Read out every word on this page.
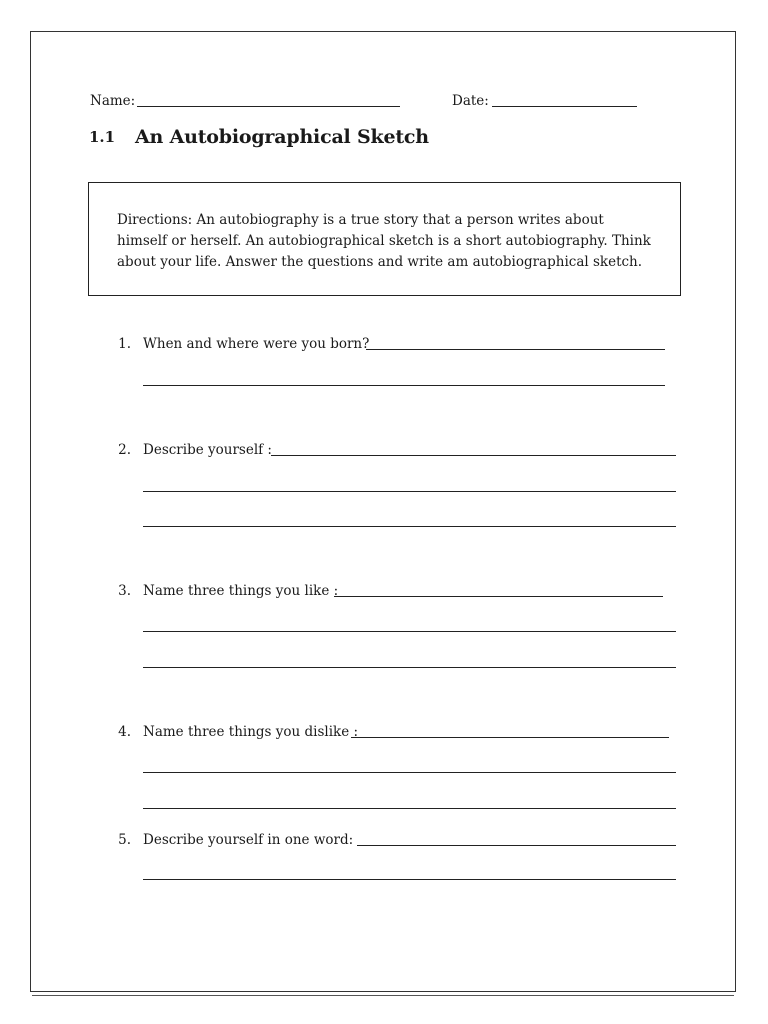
Name:	Date:
1.1 An Autobiographical Sketch
Directions: An autobiography is a true story that a person writes about himself or herself. An autobiographical sketch is a short autobiography. Think about your life. Answer the questions and write am autobiographical sketch.
1. When and where were you born?
2. Describe yourself :
3. Name three things you like :
4. Name three things you dislike :
5. Describe yourself in one word:
